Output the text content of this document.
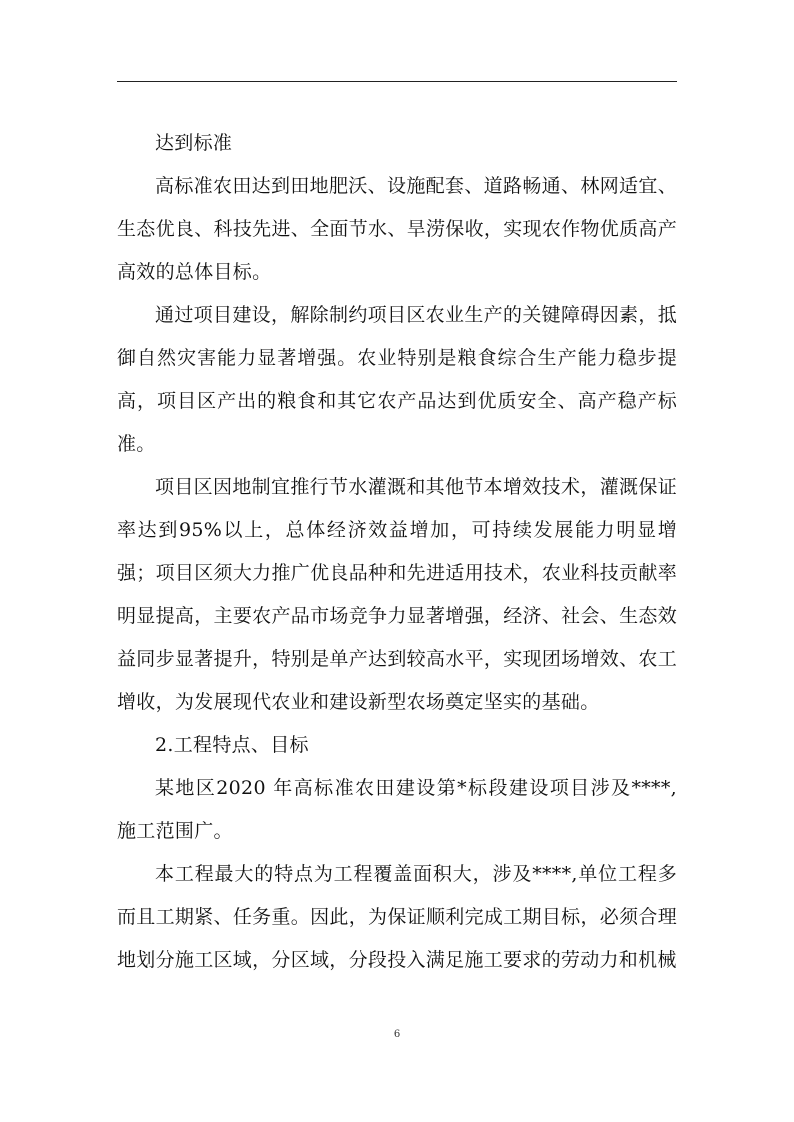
达到标准

高标准农田达到田地肥沃、设施配套、道路畅通、林网适宜、生态优良、科技先进、全面节水、旱涝保收，实现农作物优质高产高效的总体目标。

通过项目建设，解除制约项目区农业生产的关键障碍因素，抵御自然灾害能力显著增强。农业特别是粮食综合生产能力稳步提高，项目区产出的粮食和其它农产品达到优质安全、高产稳产标准。

项目区因地制宜推行节水灌溉和其他节本增效技术，灌溉保证率达到95%以上，总体经济效益增加，可持续发展能力明显增强；项目区须大力推广优良品种和先进适用技术，农业科技贡献率明显提高，主要农产品市场竞争力显著增强，经济、社会、生态效益同步显著提升，特别是单产达到较高水平，实现团场增效、农工增收，为发展现代农业和建设新型农场奠定坚实的基础。

2.工程特点、目标

某地区2020 年高标准农田建设第*标段建设项目涉及****, 施工范围广。

本工程最大的特点为工程覆盖面积大，涉及****,单位工程多而且工期紧、任务重。因此，为保证顺利完成工期目标，必须合理地划分施工区域，分区域，分段投入满足施工要求的劳动力和机械

6
